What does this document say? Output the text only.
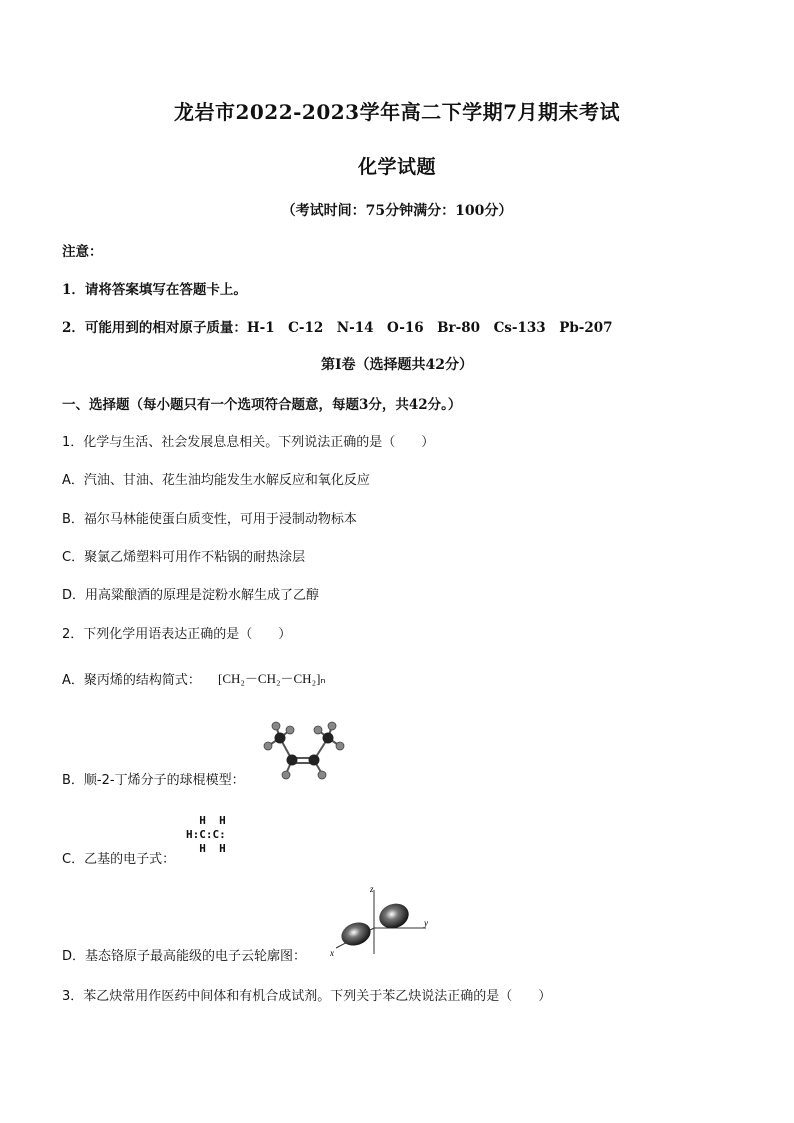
龙岩市2022-2023学年高二下学期7月期末考试
化学试题
（考试时间：75分钟满分：100分）
注意：
1．请将答案填写在答题卡上。
2．可能用到的相对原子质量：H-1　C-12　N-14　O-16　Br-80　Cs-133　Pb-207
第Ⅰ卷（选择题共42分）
一、选择题（每小题只有一个选项符合题意，每题3分，共42分。）
1．化学与生活、社会发展息息相关。下列说法正确的是（　　）
A．汽油、甘油、花生油均能发生水解反应和氧化反应
B．福尔马林能使蛋白质变性，可用于浸制动物标本
C．聚氯乙烯塑料可用作不粘锅的耐热涂层
D．用高粱酿酒的原理是淀粉水解生成了乙醇
2．下列化学用语表达正确的是（　　）
A．聚丙烯的结构简式： [CH₂－CH₂－CH₂]ₙ
B．顺-2-丁烯分子的球棍模型：
H  H
H:C:C:
H  H
C．乙基的电子式：
z
y
x
D．基态铬原子最高能级的电子云轮廓图：
3．苯乙炔常用作医药中间体和有机合成试剂。下列关于苯乙炔说法正确的是（　　）
